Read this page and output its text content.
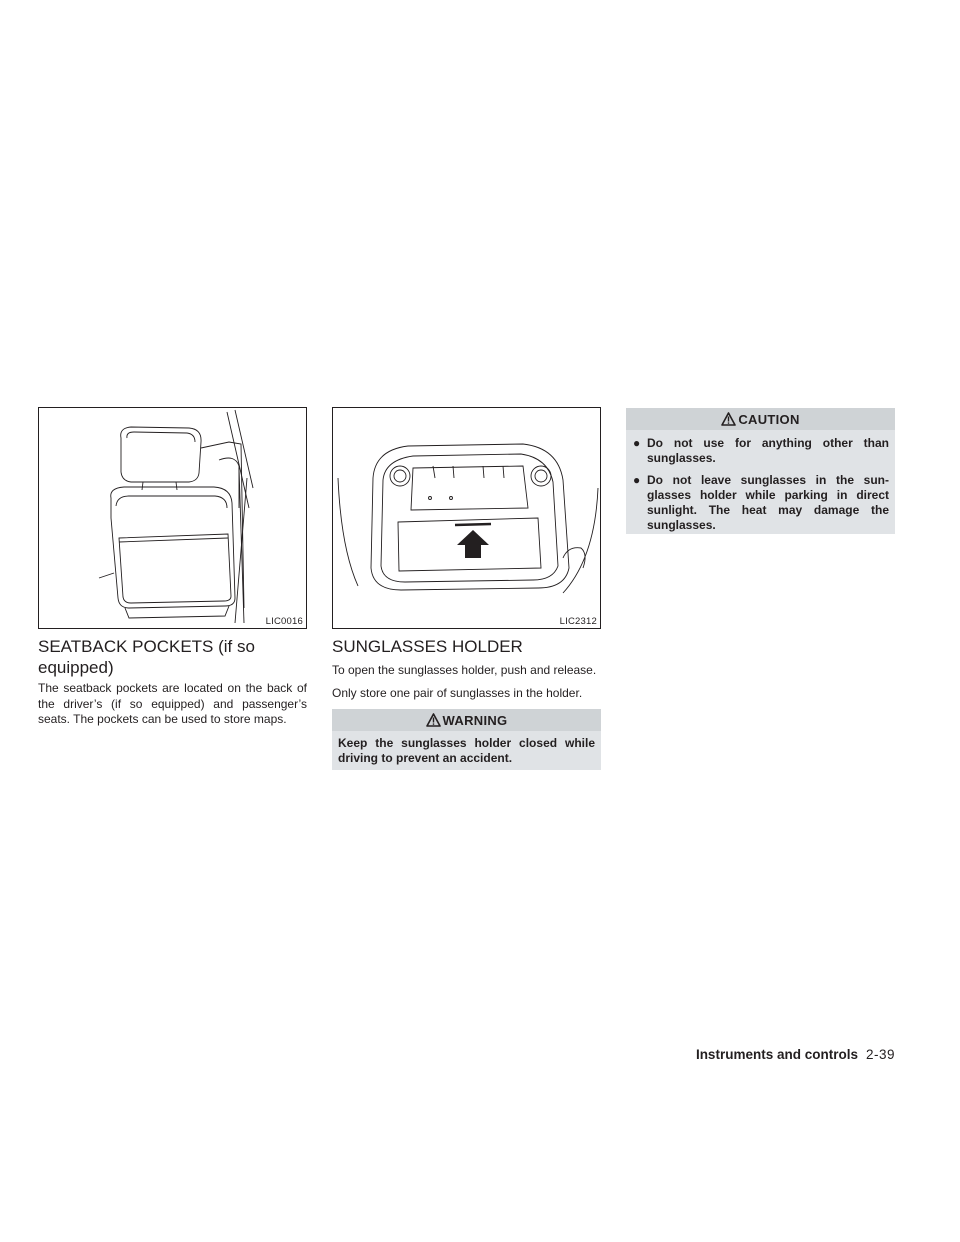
LIC0016	LIC2312
SEATBACK POCKETS (if so equipped)

The seatback pockets are located on the back of the driver’s (if so equipped) and passenger’s seats. The pockets can be used to store maps.

SUNGLASSES HOLDER

To open the sunglasses holder, push and release.

Only store one pair of sunglasses in the holder.

WARNING
Keep the sunglasses holder closed while driving to prevent an accident.
CAUTION
● Do not use for anything other than sunglasses.
● Do not leave sunglasses in the sun-glasses holder while parking in direct sunlight. The heat may damage the sunglasses.
Instruments and controls 2-39
